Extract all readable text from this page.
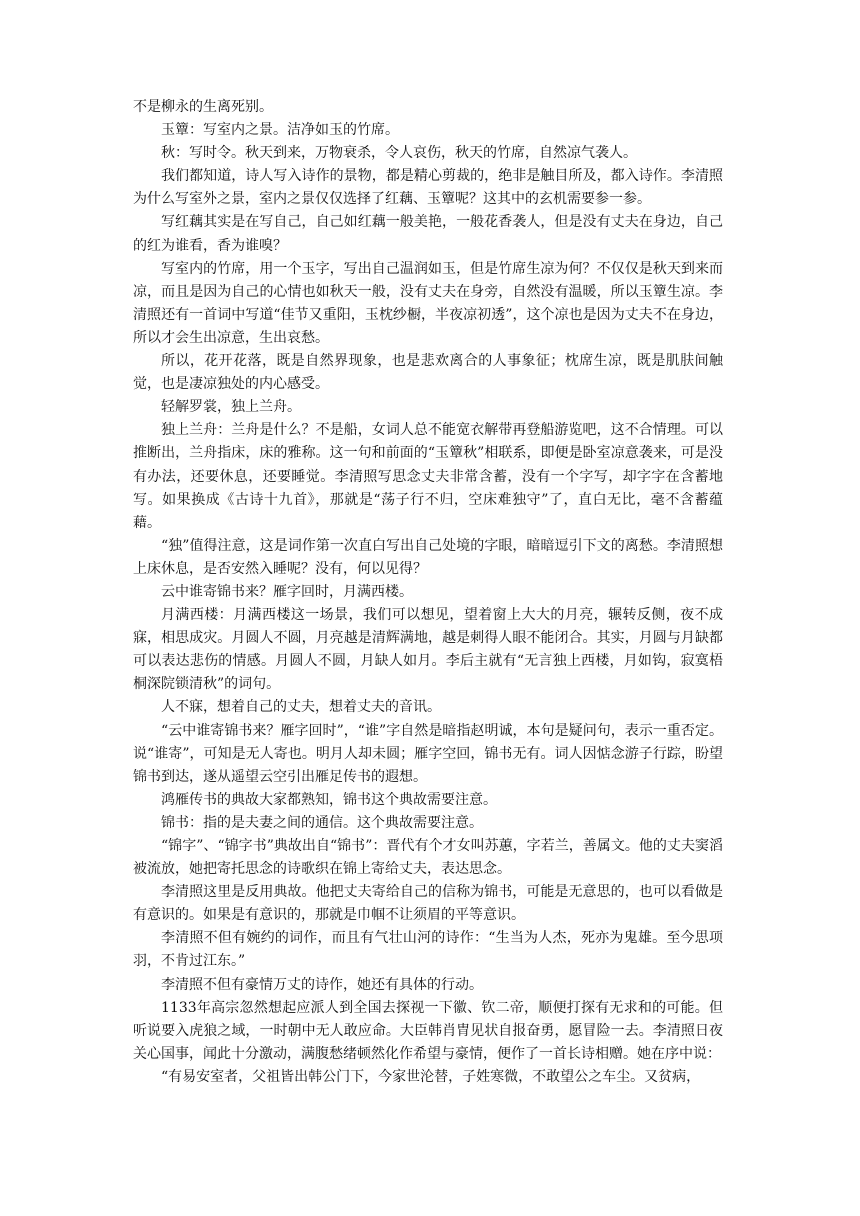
不是柳永的生离死别。

玉簟：写室内之景。洁净如玉的竹席。

秋：写时令。秋天到来，万物衰杀，令人哀伤，秋天的竹席，自然凉气袭人。

我们都知道，诗人写入诗作的景物，都是精心剪裁的，绝非是触目所及，都入诗作。李清照为什么写室外之景，室内之景仅仅选择了红藕、玉簟呢？这其中的玄机需要参一参。

写红藕其实是在写自己，自己如红藕一般美艳，一般花香袭人，但是没有丈夫在身边，自己的红为谁看，香为谁嗅？

写室内的竹席，用一个玉字，写出自己温润如玉，但是竹席生凉为何？不仅仅是秋天到来而凉，而且是因为自己的心情也如秋天一般，没有丈夫在身旁，自然没有温暖，所以玉簟生凉。李清照还有一首词中写道“佳节又重阳，玉枕纱橱，半夜凉初透”，这个凉也是因为丈夫不在身边，所以才会生出凉意，生出哀愁。

所以，花开花落，既是自然界现象，也是悲欢离合的人事象征；枕席生凉，既是肌肤间触觉，也是凄凉独处的内心感受。

轻解罗裳，独上兰舟。

独上兰舟：兰舟是什么？不是船，女词人总不能宽衣解带再登船游览吧，这不合情理。可以推断出，兰舟指床，床的雅称。这一句和前面的“玉簟秋”相联系，即便是卧室凉意袭来，可是没有办法，还要休息，还要睡觉。李清照写思念丈夫非常含蓄，没有一个字写，却字字在含蓄地写。如果换成《古诗十九首》，那就是“荡子行不归，空床难独守”了，直白无比，毫不含蓄蕴藉。

“独”值得注意，这是词作第一次直白写出自己处境的字眼，暗暗逗引下文的离愁。李清照想上床休息，是否安然入睡呢？没有，何以见得？

云中谁寄锦书来？雁字回时，月满西楼。

月满西楼：月满西楼这一场景，我们可以想见，望着窗上大大的月亮，辗转反侧，夜不成寐，相思成灾。月圆人不圆，月亮越是清辉满地，越是刺得人眼不能闭合。其实，月圆与月缺都可以表达悲伤的情感。月圆人不圆，月缺人如月。李后主就有“无言独上西楼，月如钩，寂寞梧桐深院锁清秋”的词句。

人不寐，想着自己的丈夫，想着丈夫的音讯。

“云中谁寄锦书来？雁字回时”，“谁”字自然是暗指赵明诚，本句是疑问句，表示一重否定。说“谁寄”，可知是无人寄也。明月人却未圆；雁字空回，锦书无有。词人因惦念游子行踪，盼望锦书到达，遂从遥望云空引出雁足传书的遐想。

鸿雁传书的典故大家都熟知，锦书这个典故需要注意。

锦书：指的是夫妻之间的通信。这个典故需要注意。

“锦字”、“锦字书”典故出自“锦书”：晋代有个才女叫苏蕙，字若兰，善属文。他的丈夫窦滔被流放，她把寄托思念的诗歌织在锦上寄给丈夫，表达思念。

李清照这里是反用典故。他把丈夫寄给自己的信称为锦书，可能是无意思的，也可以看做是有意识的。如果是有意识的，那就是巾帼不让须眉的平等意识。

李清照不但有婉约的词作，而且有气壮山河的诗作：“生当为人杰，死亦为鬼雄。至今思项羽，不肯过江东。”

李清照不但有豪情万丈的诗作，她还有具体的行动。

1133年高宗忽然想起应派人到全国去探视一下徽、钦二帝，顺便打探有无求和的可能。但听说要入虎狼之域，一时朝中无人敢应命。大臣韩肖胄见状自报奋勇，愿冒险一去。李清照日夜关心国事，闻此十分激动，满腹愁绪顿然化作希望与豪情，便作了一首长诗相赠。她在序中说：

“有易安室者，父祖皆出韩公门下，今家世沦替，子姓寒微，不敢望公之车尘。又贫病，
